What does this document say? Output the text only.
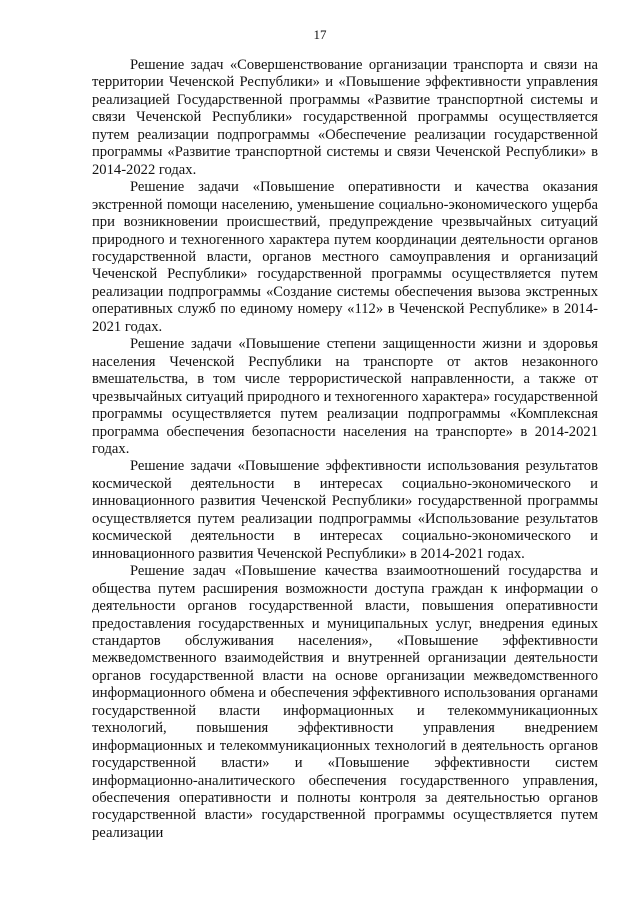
17

Решение задач «Совершенствование организации транспорта и связи на территории Чеченской Республики» и «Повышение эффективности управления реализацией Государственной программы «Развитие транспортной системы и связи Чеченской Республики» государственной программы осуществляется путем реализации подпрограммы «Обеспечение реализации государственной программы «Развитие транспортной системы и связи Чеченской Республики» в 2014-2022 годах.

Решение задачи «Повышение оперативности и качества оказания экстренной помощи населению, уменьшение социально-экономического ущерба при возникновении происшествий, предупреждение чрезвычайных ситуаций природного и техногенного характера путем координации деятельности органов государственной власти, органов местного самоуправления и организаций Чеченской Республики» государственной программы осуществляется путем реализации подпрограммы «Создание системы обеспечения вызова экстренных оперативных служб по единому номеру «112» в Чеченской Республике» в 2014-2021 годах.

Решение задачи «Повышение степени защищенности жизни и здоровья населения Чеченской Республики на транспорте от актов незаконного вмешательства, в том числе террористической направленности, а также от чрезвычайных ситуаций природного и техногенного характера» государственной программы осуществляется путем реализации подпрограммы «Комплексная программа обеспечения безопасности населения на транспорте» в 2014-2021 годах.

Решение задачи «Повышение эффективности использования результатов космической деятельности в интересах социально-экономического и инновационного развития Чеченской Республики» государственной программы осуществляется путем реализации подпрограммы «Использование результатов космической деятельности в интересах социально-экономического и инновационного развития Чеченской Республики» в 2014-2021 годах.

Решение задач «Повышение качества взаимоотношений государства и общества путем расширения возможности доступа граждан к информации о деятельности органов государственной власти, повышения оперативности предоставления государственных и муниципальных услуг, внедрения единых стандартов обслуживания населения», «Повышение эффективности межведомственного взаимодействия и внутренней организации деятельности органов государственной власти на основе организации межведомственного информационного обмена и обеспечения эффективного использования органами государственной власти информационных и телекоммуникационных технологий, повышения эффективности управления внедрением информационных и телекоммуникационных технологий в деятельность органов государственной власти» и «Повышение эффективности систем информационно-аналитического обеспечения государственного управления, обеспечения оперативности и полноты контроля за деятельностью органов государственной власти» государственной программы осуществляется путем реализации
